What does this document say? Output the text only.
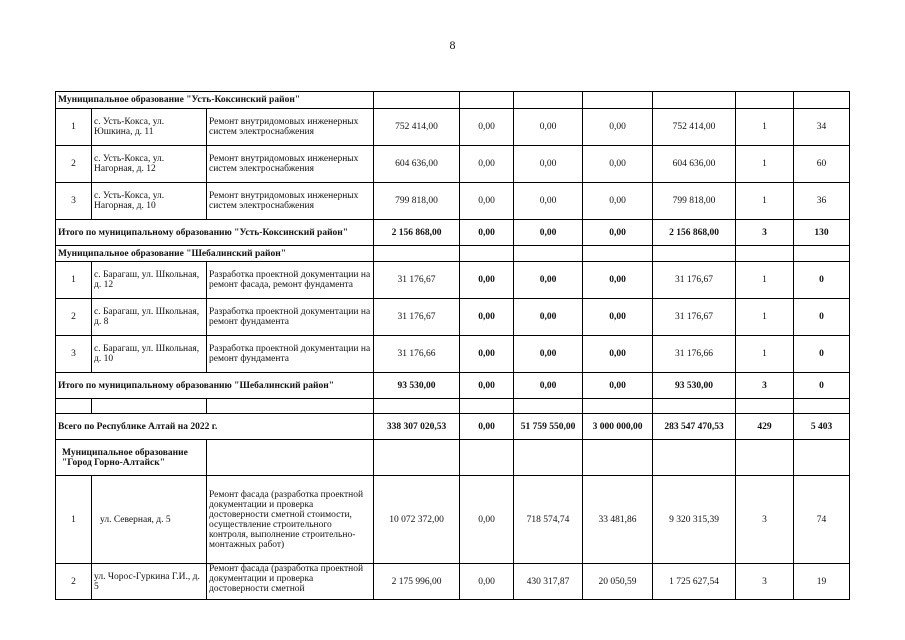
8
Муниципальное образование "Усть-Коксинский район"									
1	с. Усть-Кокса, ул. Юшкина, д. 11	Ремонт внутридомовых инженерных систем электроснабжения	752 414,00	0,00	0,00	0,00	752 414,00	1	34
2	с. Усть-Кокса, ул. Нагорная, д. 12	Ремонт внутридомовых инженерных систем электроснабжения	604 636,00	0,00	0,00	0,00	604 636,00	1	60
3	с. Усть-Кокса, ул. Нагорная, д. 10	Ремонт внутридомовых инженерных систем электроснабжения	799 818,00	0,00	0,00	0,00	799 818,00	1	36
Итого по муниципальному образованию "Усть-Коксинский район"			2 156 868,00	0,00	0,00	0,00	2 156 868,00	3	130
Муниципальное образование "Шебалинский район"									
1	с. Барагаш, ул. Школьная, д. 12	Разработка проектной документации на ремонт фасада, ремонт фундамента	31 176,67	0,00	0,00	0,00	31 176,67	1	0
2	с. Барагаш, ул. Школьная, д. 8	Разработка проектной документации на ремонт фундамента	31 176,67	0,00	0,00	0,00	31 176,67	1	0
3	с. Барагаш, ул. Школьная, д. 10	Разработка проектной документации на ремонт фундамента	31 176,66	0,00	0,00	0,00	31 176,66	1	0
Итого по муниципальному образованию "Шебалинский район"			93 530,00	0,00	0,00	0,00	93 530,00	3	0

Всего по Республике Алтай на 2022 г.			338 307 020,53	0,00	51 759 550,00	3 000 000,00	283 547 470,53	429	5 403
Муниципальное образование "Город Горно-Алтайск"									
1	ул. Северная, д. 5	Ремонт фасада (разработка проектной документации и проверка достоверности сметной стоимости, осуществление строительного контроля, выполнение строительно-монтажных работ)	10 072 372,00	0,00	718 574,74	33 481,86	9 320 315,39	3	74
2	ул. Чорос-Гуркина Г.И., д. 5	Ремонт фасада (разработка проектной документации и проверка достоверности сметной	2 175 996,00	0,00	430 317,87	20 050,59	1 725 627,54	3	19
